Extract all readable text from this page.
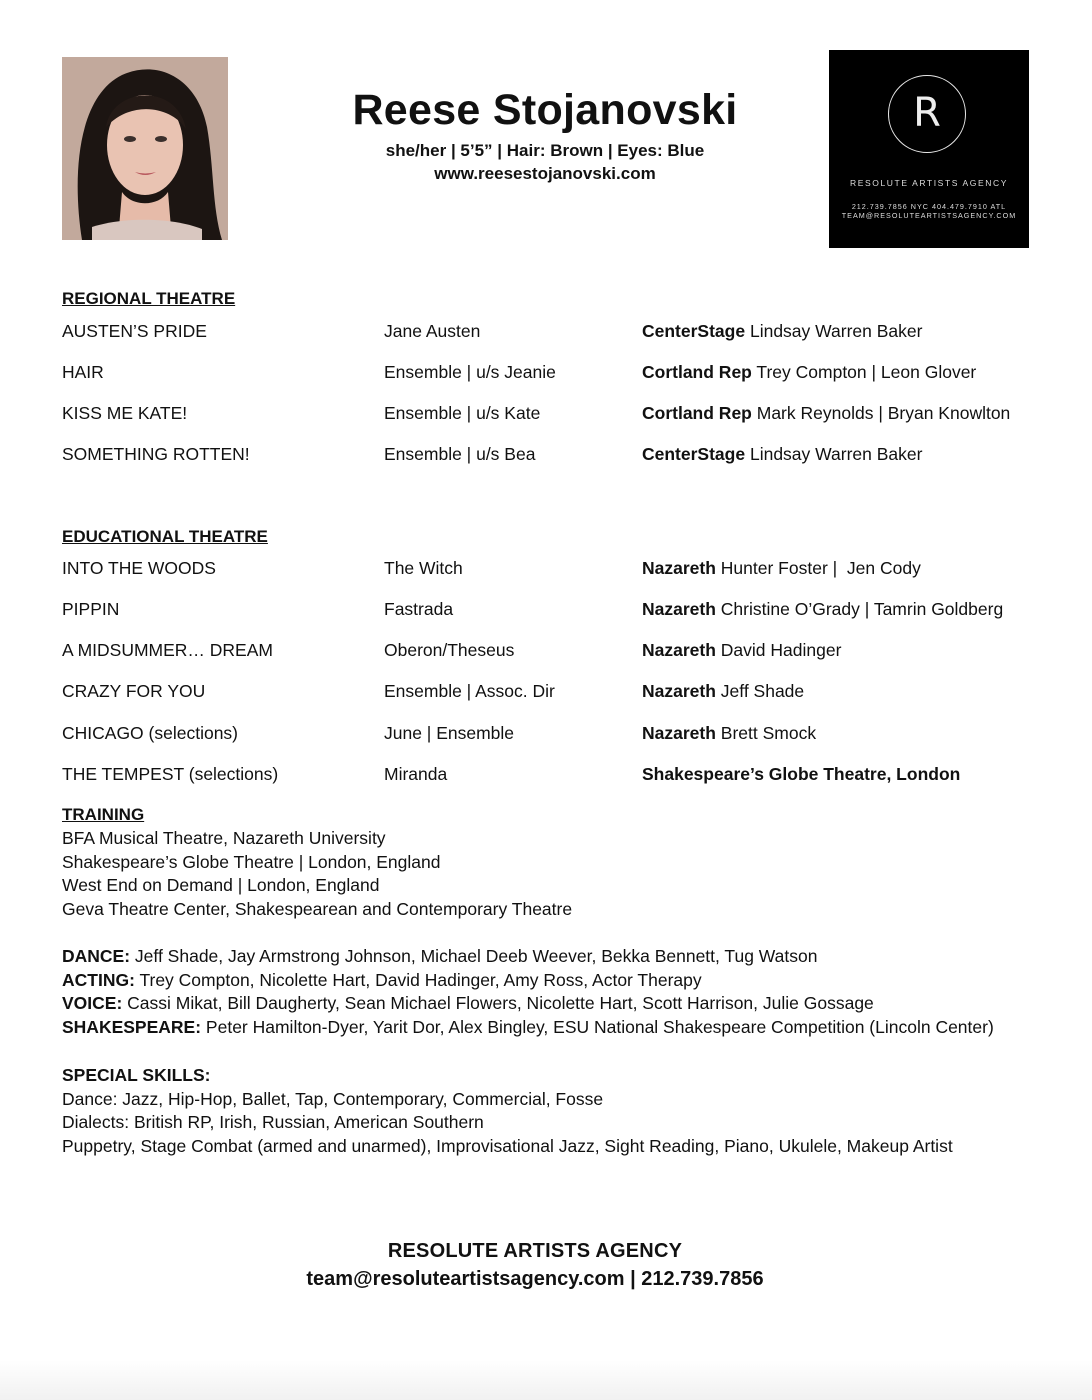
Reese Stojanovski
she/her | 5’5” | Hair: Brown | Eyes: Blue
www.reesestojanovski.com
R
RESOLUTE ARTISTS AGENCY
212.739.7856 NYC 404.479.7910 ATL
TEAM@RESOLUTEARTISTSAGENCY.COM
REGIONAL THEATRE
AUSTEN’S PRIDE	Jane Austen	CenterStage Lindsay Warren Baker
HAIR	Ensemble | u/s Jeanie	Cortland Rep Trey Compton | Leon Glover
KISS ME KATE!	Ensemble | u/s Kate	Cortland Rep Mark Reynolds | Bryan Knowlton
SOMETHING ROTTEN!	Ensemble | u/s Bea	CenterStage Lindsay Warren Baker
EDUCATIONAL THEATRE
INTO THE WOODS	The Witch	Nazareth Hunter Foster |  Jen Cody
PIPPIN	Fastrada	Nazareth Christine O’Grady | Tamrin Goldberg
A MIDSUMMER… DREAM	Oberon/Theseus	Nazareth David Hadinger
CRAZY FOR YOU	Ensemble | Assoc. Dir	Nazareth Jeff Shade
CHICAGO (selections)	June | Ensemble	Nazareth Brett Smock
THE TEMPEST (selections)	Miranda	Shakespeare’s Globe Theatre, London
TRAINING
BFA Musical Theatre, Nazareth University
Shakespeare’s Globe Theatre | London, England
West End on Demand | London, England
Geva Theatre Center, Shakespearean and Contemporary Theatre
DANCE: Jeff Shade, Jay Armstrong Johnson, Michael Deeb Weever, Bekka Bennett, Tug Watson
ACTING: Trey Compton, Nicolette Hart, David Hadinger, Amy Ross, Actor Therapy
VOICE: Cassi Mikat, Bill Daugherty, Sean Michael Flowers, Nicolette Hart, Scott Harrison, Julie Gossage
SHAKESPEARE: Peter Hamilton-Dyer, Yarit Dor, Alex Bingley, ESU National Shakespeare Competition (Lincoln Center)
SPECIAL SKILLS:
Dance: Jazz, Hip-Hop, Ballet, Tap, Contemporary, Commercial, Fosse
Dialects: British RP, Irish, Russian, American Southern
Puppetry, Stage Combat (armed and unarmed), Improvisational Jazz, Sight Reading, Piano, Ukulele, Makeup Artist
RESOLUTE ARTISTS AGENCY
team@resoluteartistsagency.com | 212.739.7856
